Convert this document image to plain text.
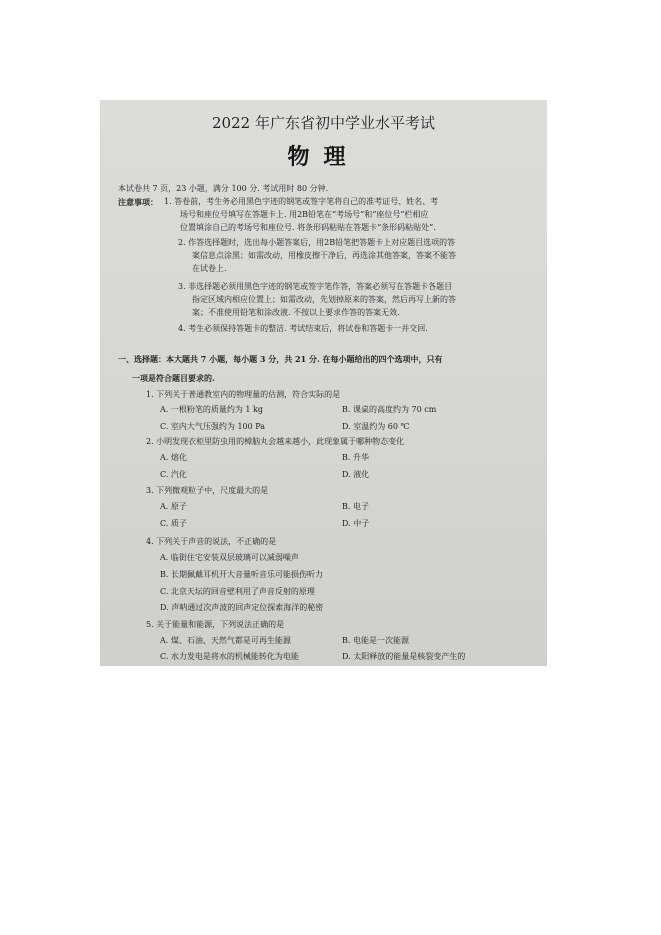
2022 年广东省初中学业水平考试
物理
本试卷共 7 页，23 小题，满分 100 分. 考试用时 80 分钟.
注意事项： 1. 答卷前，考生务必用黑色字迹的钢笔或签字笔将自己的准考证号、姓名、考
场号和座位号填写在答题卡上. 用2B铅笔在“考场号”和“座位号”栏相应
位置填涂自己的考场号和座位号. 将条形码粘贴在答题卡“条形码粘贴处”.
2. 作答选择题时，选出每小题答案后，用2B铅笔把答题卡上对应题目选项的答
案信息点涂黑；如需改动，用橡皮擦干净后，再选涂其他答案，答案不能答
在试卷上.
3. 非选择题必须用黑色字迹的钢笔或签字笔作答，答案必须写在答题卡各题目
指定区域内相应位置上；如需改动，先划掉原来的答案，然后再写上新的答
案；不准使用铅笔和涂改液. 不按以上要求作答的答案无效.
4. 考生必须保持答题卡的整洁. 考试结束后，将试卷和答题卡一并交回.
一、选择题：本大题共 7 小题，每小题 3 分，共 21 分. 在每小题给出的四个选项中，只有
一项是符合题目要求的.
1. 下列关于普通教室内的物理量的估测，符合实际的是
A. 一根粉笔的质量约为 1 kg	B. 课桌的高度约为 70 cm
C. 室内大气压强约为 100 Pa	D. 室温约为 60 ℃
2. 小明发现衣柜里防虫用的樟脑丸会越来越小，此现象属于哪种物态变化
A. 熔化	B. 升华
C. 汽化	D. 液化
3. 下列微观粒子中，尺度最大的是
A. 原子	B. 电子
C. 质子	D. 中子
4. 下列关于声音的说法，不正确的是
A. 临街住宅安装双层玻璃可以减弱噪声
B. 长期佩戴耳机开大音量听音乐可能损伤听力
C. 北京天坛的回音壁利用了声音反射的原理
D. 声呐通过次声波的回声定位探索海洋的秘密
5. 关于能量和能源，下列说法正确的是
A. 煤、石油、天然气都是可再生能源	B. 电能是一次能源
C. 水力发电是将水的机械能转化为电能	D. 太阳释放的能量是核裂变产生的
